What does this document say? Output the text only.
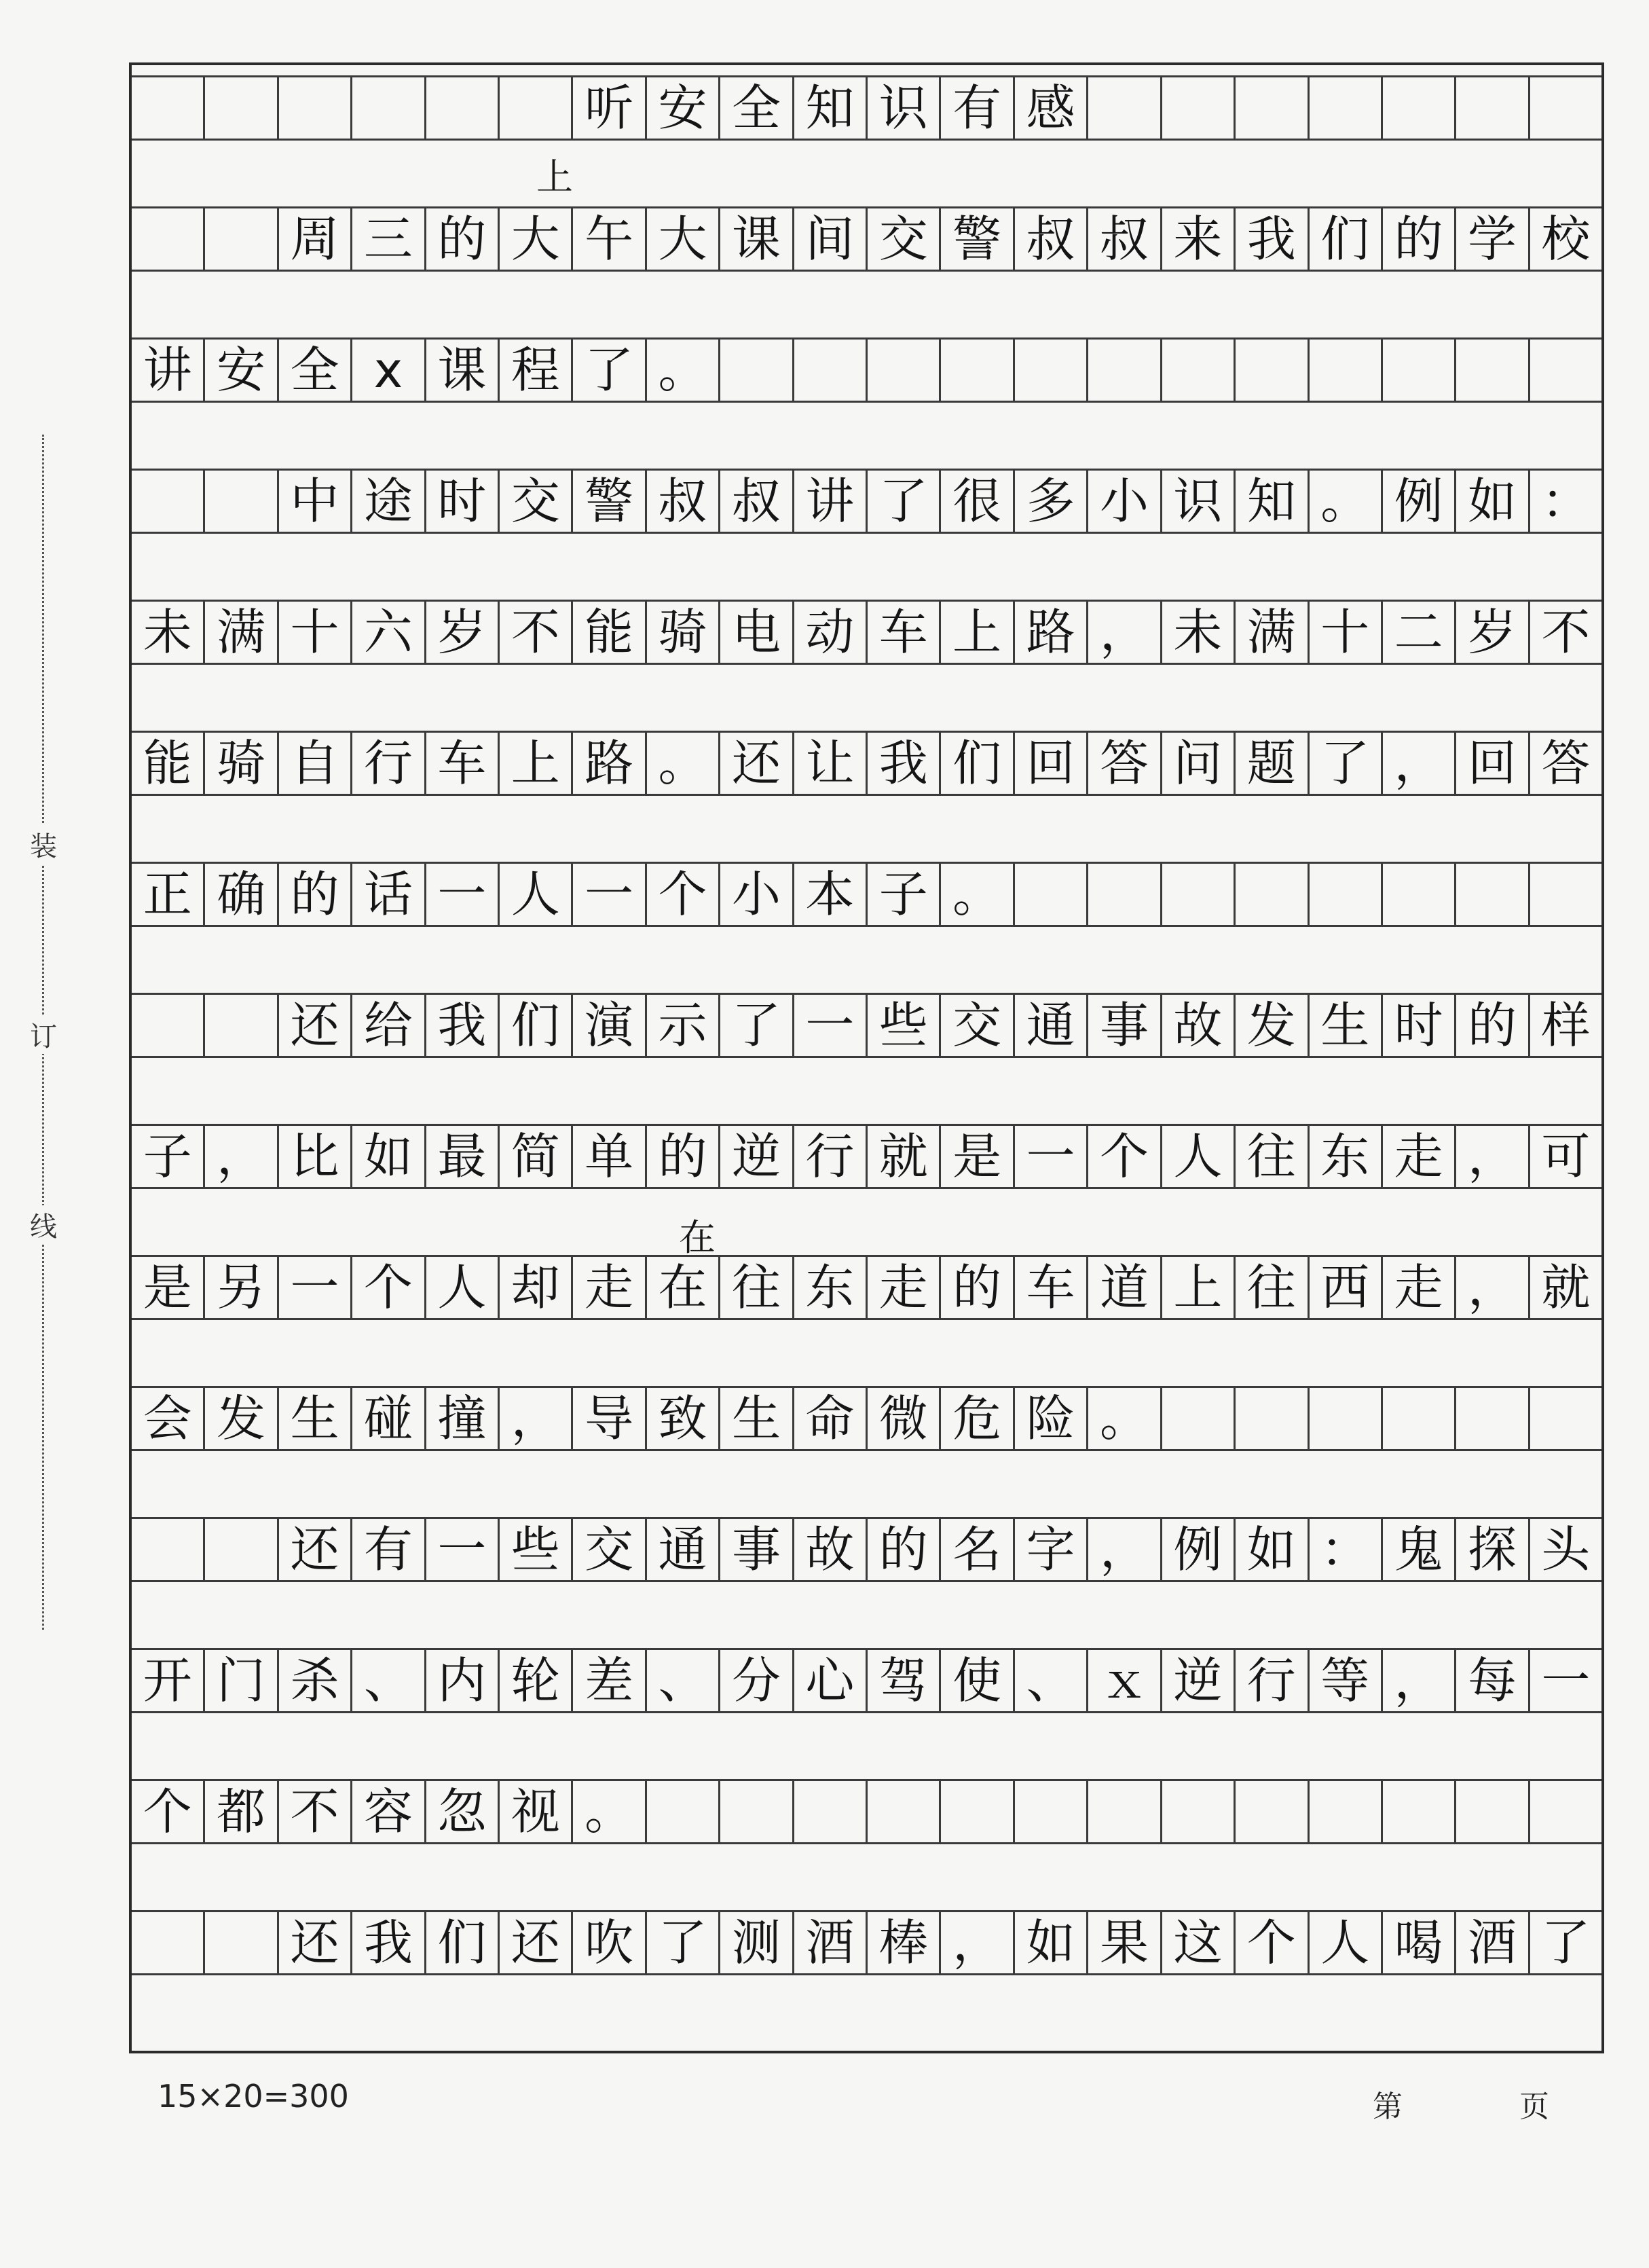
装
订
线
听 安 全 知 识 有 感
周 三 的 大 午 大 课 间 交 警 叔 叔 来 我 们 的 学 校
讲 安 全 x 课 程 了 。
中 途 时 交 警 叔 叔 讲 了 很 多 小 识 知 。 例 如 ：
未 满 十 六 岁 不 能 骑 电 动 车 上 路 ， 未 满 十 二 岁 不
能 骑 自 行 车 上 路 。 还 让 我 们 回 答 问 题 了 ， 回 答
正 确 的 话 一 人 一 个 小 本 子 。
还 给 我 们 演 示 了 一 些 交 通 事 故 发 生 时 的 样
子 ， 比 如 最 简 单 的 逆 行 就 是 一 个 人 往 东 走 ， 可
是 另 一 个 人 却 走 在 往 东 走 的 车 道 上 往 西 走 ， 就
会 发 生 碰 撞 ， 导 致 生 命 微 危 险 。
还 有 一 些 交 通 事 故 的 名 字 ， 例 如 ： 鬼 探 头
开 门 杀 、 内 轮 差 、 分 心 驾 使 、 ｘ 逆 行 等 ， 每 一
个 都 不 容 忽 视 。
还 我 们 还 吹 了 测 酒 棒 ， 如 果 这 个 人 喝 酒 了
上
在
15×20=300	第	页
